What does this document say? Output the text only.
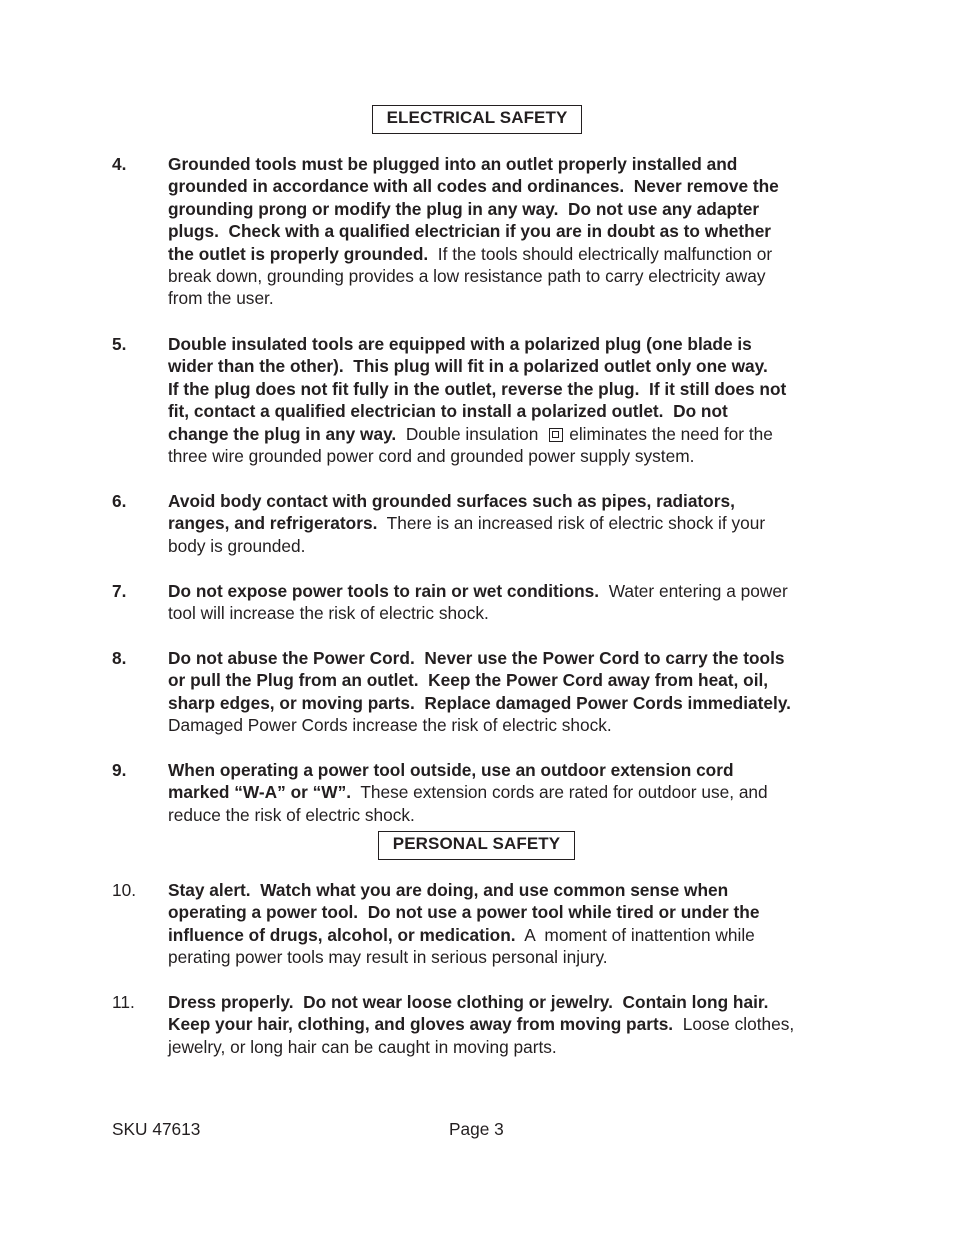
ELECTRICAL SAFETY
4.	Grounded tools must be plugged into an outlet properly installed and
grounded in accordance with all codes and ordinances.  Never remove the
grounding prong or modify the plug in any way.  Do not use any adapter
plugs.  Check with a qualified electrician if you are in doubt as to whether
the outlet is properly grounded.  If the tools should electrically malfunction or
break down, grounding provides a low resistance path to carry electricity away
from the user.
5.	Double insulated tools are equipped with a polarized plug (one blade is
wider than the other).  This plug will fit in a polarized outlet only one way.
If the plug does not fit fully in the outlet, reverse the plug.  If it still does not
fit, contact a qualified electrician to install a polarized outlet.  Do not
change the plug in any way.  Double insulation eliminates the need for the
three wire grounded power cord and grounded power supply system.
6.	Avoid body contact with grounded surfaces such as pipes, radiators,
ranges, and refrigerators.  There is an increased risk of electric shock if your
body is grounded.
7.	Do not expose power tools to rain or wet conditions.  Water entering a power
tool will increase the risk of electric shock.
8.	Do not abuse the Power Cord.  Never use the Power Cord to carry the tools
or pull the Plug from an outlet.  Keep the Power Cord away from heat, oil,
sharp edges, or moving parts.  Replace damaged Power Cords immediately.
Damaged Power Cords increase the risk of electric shock.
9.	When operating a power tool outside, use an outdoor extension cord
marked “W-A” or “W”.  These extension cords are rated for outdoor use, and
reduce the risk of electric shock.
PERSONAL SAFETY
10.	Stay alert.  Watch what you are doing, and use common sense when
operating a power tool.  Do not use a power tool while tired or under the
influence of drugs, alcohol, or medication.  A  moment of inattention while
perating power tools may result in serious personal injury.
11.	Dress properly.  Do not wear loose clothing or jewelry.  Contain long hair.
Keep your hair, clothing, and gloves away from moving parts.  Loose clothes,
jewelry, or long hair can be caught in moving parts.
SKU 47613	Page 3
